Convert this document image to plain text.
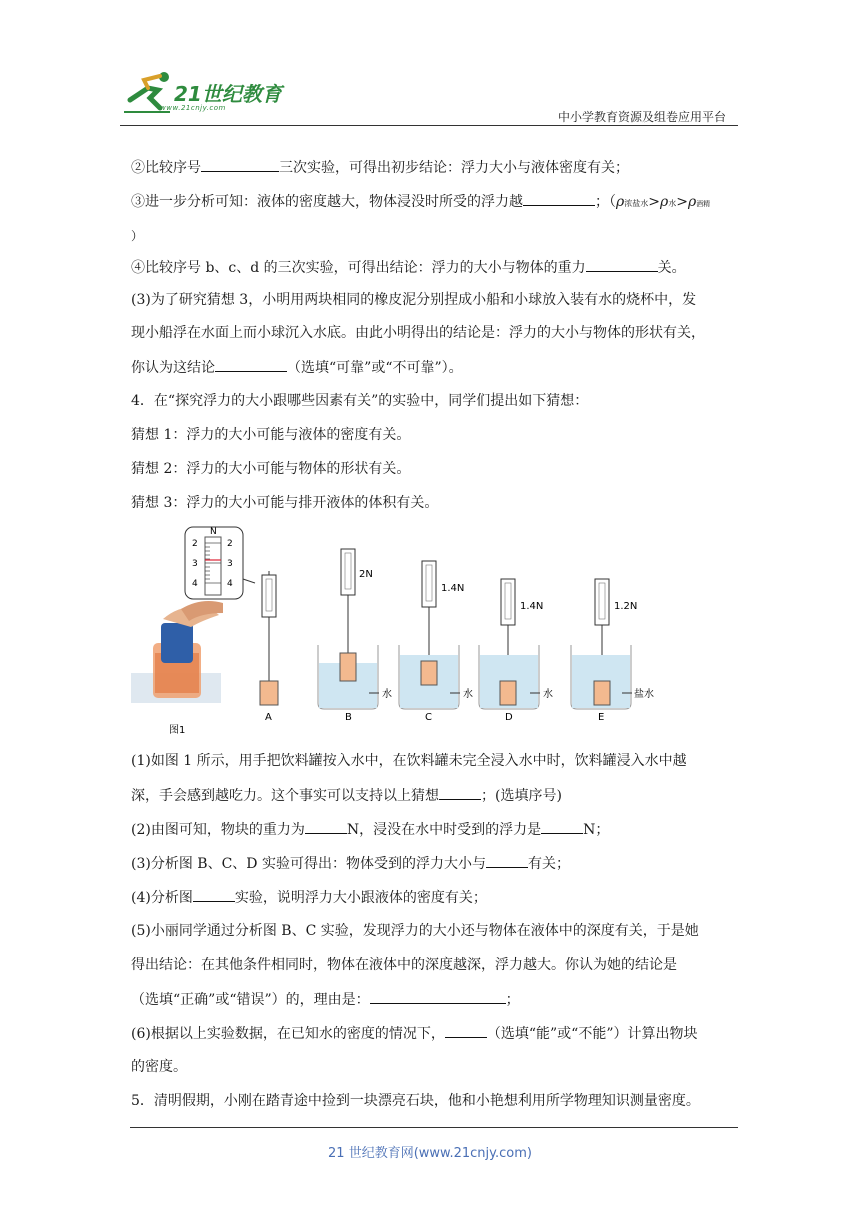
21世纪教育
www.21cnjy.com
中小学教育资源及组卷应用平台
②比较序号	三次实验，可得出初步结论：浮力大小与液体密度有关；
③进一步分析可知：液体的密度越大，物体浸没时所受的浮力越	；（ρ浓盐水>ρ水>ρ酒精
）
④比较序号 b、c、d 的三次实验，可得出结论：浮力的大小与物体的重力	关。
(3)为了研究猜想 3，小明用两块相同的橡皮泥分别捏成小船和小球放入装有水的烧杯中，发
现小船浮在水面上而小球沉入水底。由此小明得出的结论是：浮力的大小与物体的形状有关，
你认为这结论	（选填“可靠”或“不可靠”）。
4．在“探究浮力的大小跟哪些因素有关”的实验中，同学们提出如下猜想：
猜想 1：浮力的大小可能与液体的密度有关。
猜想 2：浮力的大小可能与物体的形状有关。
猜想 3：浮力的大小可能与排开液体的体积有关。
图1
N
2
3
4
2
3
4
A
2N
水
B
1.4N
水
C
1.4N
水
D
1.2N
盐水
E
(1)如图 1 所示，用手把饮料罐按入水中，在饮料罐未完全浸入水中时，饮料罐浸入水中越
深，手会感到越吃力。这个事实可以支持以上猜想	；(选填序号)
(2)由图可知，物块的重力为	N，浸没在水中时受到的浮力是	N；
(3)分析图 B、C、D 实验可得出：物体受到的浮力大小与	有关；
(4)分析图	实验，说明浮力大小跟液体的密度有关；
(5)小丽同学通过分析图 B、C 实验，发现浮力的大小还与物体在液体中的深度有关，于是她
得出结论：在其他条件相同时，物体在液体中的深度越深，浮力越大。你认为她的结论是
（选填“正确”或“错误”）的，理由是：	；
(6)根据以上实验数据，在已知水的密度的情况下，	（选填“能”或“不能”）计算出物块
的密度。
5．清明假期，小刚在踏青途中捡到一块漂亮石块，他和小艳想利用所学物理知识测量密度。
21 世纪教育网(www.21cnjy.com)
